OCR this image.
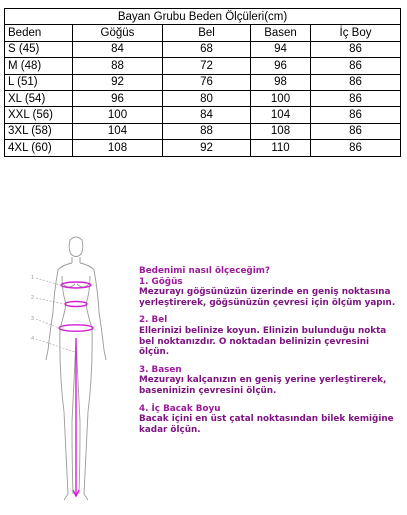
Bayan Grubu Beden Ölçüleri(cm)				
Beden	Göğüs	Bel	Basen	İç Boy
S (45)	84	68	94	86
M (48)	88	72	96	86
L (51)	92	76	98	86
XL (54)	96	80	100	86
XXL (56)	100	84	104	86
3XL (58)	104	88	108	86
4XL (60)	108	92	110	86
1
2
3
4

Bedenimi nasıl ölçeceğim?

1. Göğüs

Mezurayı göğsünüzün üzerinde en geniş noktasına yerleştirerek, göğsünüzün çevresi için ölçüm yapın.

2. Bel

Ellerinizi belinize koyun. Elinizin bulunduğu nokta bel noktanızdır. O noktadan belinizin çevresini ölçün.

3. Basen

Mezurayı kalçanızın en geniş yerine yerleştirerek, baseninizin çevresini ölçün.

4. İç Bacak Boyu

Bacak içini en üst çatal noktasından bilek kemiğine kadar ölçün.
